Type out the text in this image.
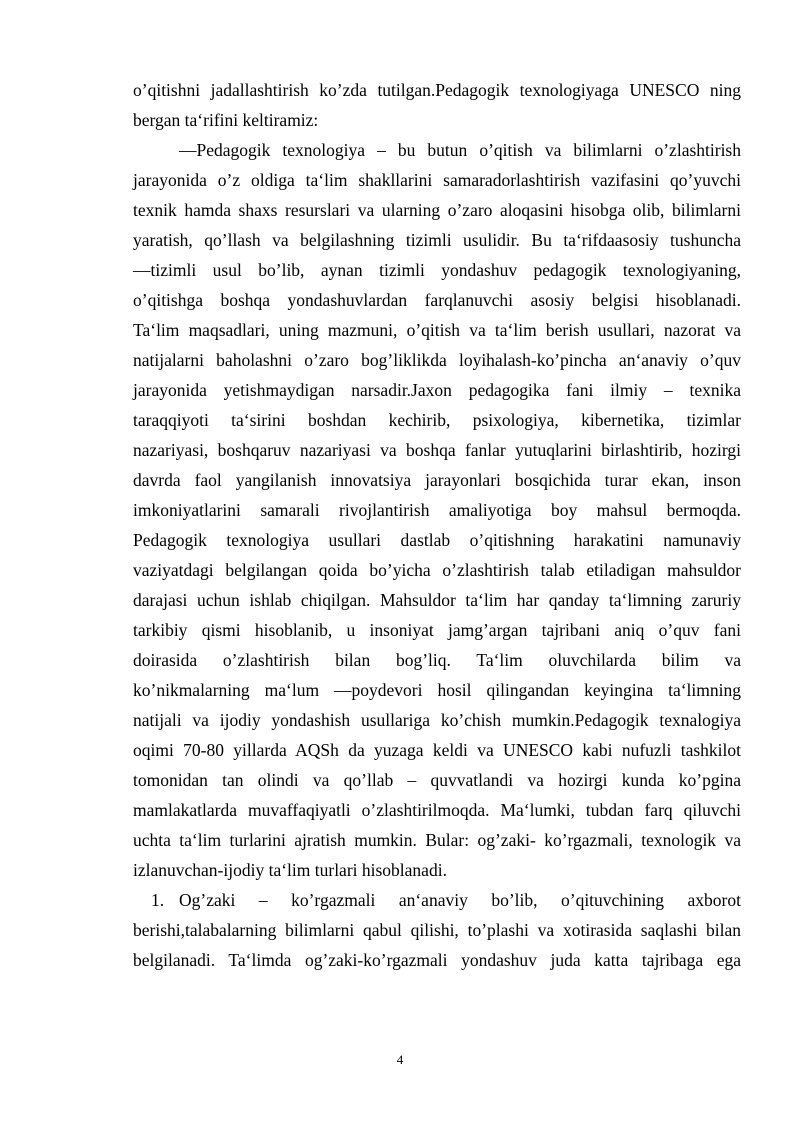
o’qitishni jadallashtirish ko’zda tutilgan.Pedagogik texnologiyaga UNESCO ning
bergan ta‘rifini keltiramiz:
―Pedagogik texnologiya – bu butun o’qitish va bilimlarni o’zlashtirish
jarayonida o’z oldiga ta‘lim shakllarini samaradorlashtirish vazifasini qo’yuvchi
texnik hamda shaxs resurslari va ularning o’zaro aloqasini hisobga olib, bilimlarni
yaratish, qo’llash va belgilashning tizimli usulidir. Bu ta‘rifdaasosiy tushuncha
―tizimli usul bo’lib, aynan tizimli yondashuv pedagogik texnologiyaning,
o’qitishga boshqa yondashuvlardan farqlanuvchi asosiy belgisi hisoblanadi.
Ta‘lim maqsadlari, uning mazmuni, o’qitish va ta‘lim berish usullari, nazorat va
natijalarni baholashni o’zaro bog’liklikda loyihalash-ko’pincha an‘anaviy o’quv
jarayonida yetishmaydigan narsadir.Jaxon pedagogika fani ilmiy – texnika
taraqqiyoti ta‘sirini boshdan kechirib, psixologiya, kibernetika, tizimlar
nazariyasi, boshqaruv nazariyasi va boshqa fanlar yutuqlarini birlashtirib, hozirgi
davrda faol yangilanish innovatsiya jarayonlari bosqichida turar ekan, inson
imkoniyatlarini samarali rivojlantirish amaliyotiga boy mahsul bermoqda.
Pedagogik texnologiya usullari dastlab o’qitishning harakatini namunaviy
vaziyatdagi belgilangan qoida bo’yicha o’zlashtirish talab etiladigan mahsuldor
darajasi uchun ishlab chiqilgan. Mahsuldor ta‘lim har qanday ta‘limning zaruriy
tarkibiy qismi hisoblanib, u insoniyat jamg’argan tajribani aniq o’quv fani
doirasida o’zlashtirish bilan bog’liq. Ta‘lim oluvchilarda bilim va
ko’nikmalarning ma‘lum ―poydevori hosil qilingandan keyingina ta‘limning
natijali va ijodiy yondashish usullariga ko’chish mumkin.Pedagogik texnalogiya
oqimi 70-80 yillarda AQSh da yuzaga keldi va UNESCO kabi nufuzli tashkilot
tomonidan tan olindi va qo’llab – quvvatlandi va hozirgi kunda ko’pgina
mamlakatlarda muvaffaqiyatli o’zlashtirilmoqda. Ma‘lumki, tubdan farq qiluvchi
uchta ta‘lim turlarini ajratish mumkin. Bular: og’zaki- ko’rgazmali, texnologik va
izlanuvchan-ijodiy ta‘lim turlari hisoblanadi.
1. Og’zaki – ko’rgazmali an‘anaviy bo’lib, o’qituvchining axborot
berishi,talabalarning bilimlarni qabul qilishi, to’plashi va xotirasida saqlashi bilan
belgilanadi. Ta‘limda og’zaki-ko’rgazmali yondashuv juda katta tajribaga ega
4
